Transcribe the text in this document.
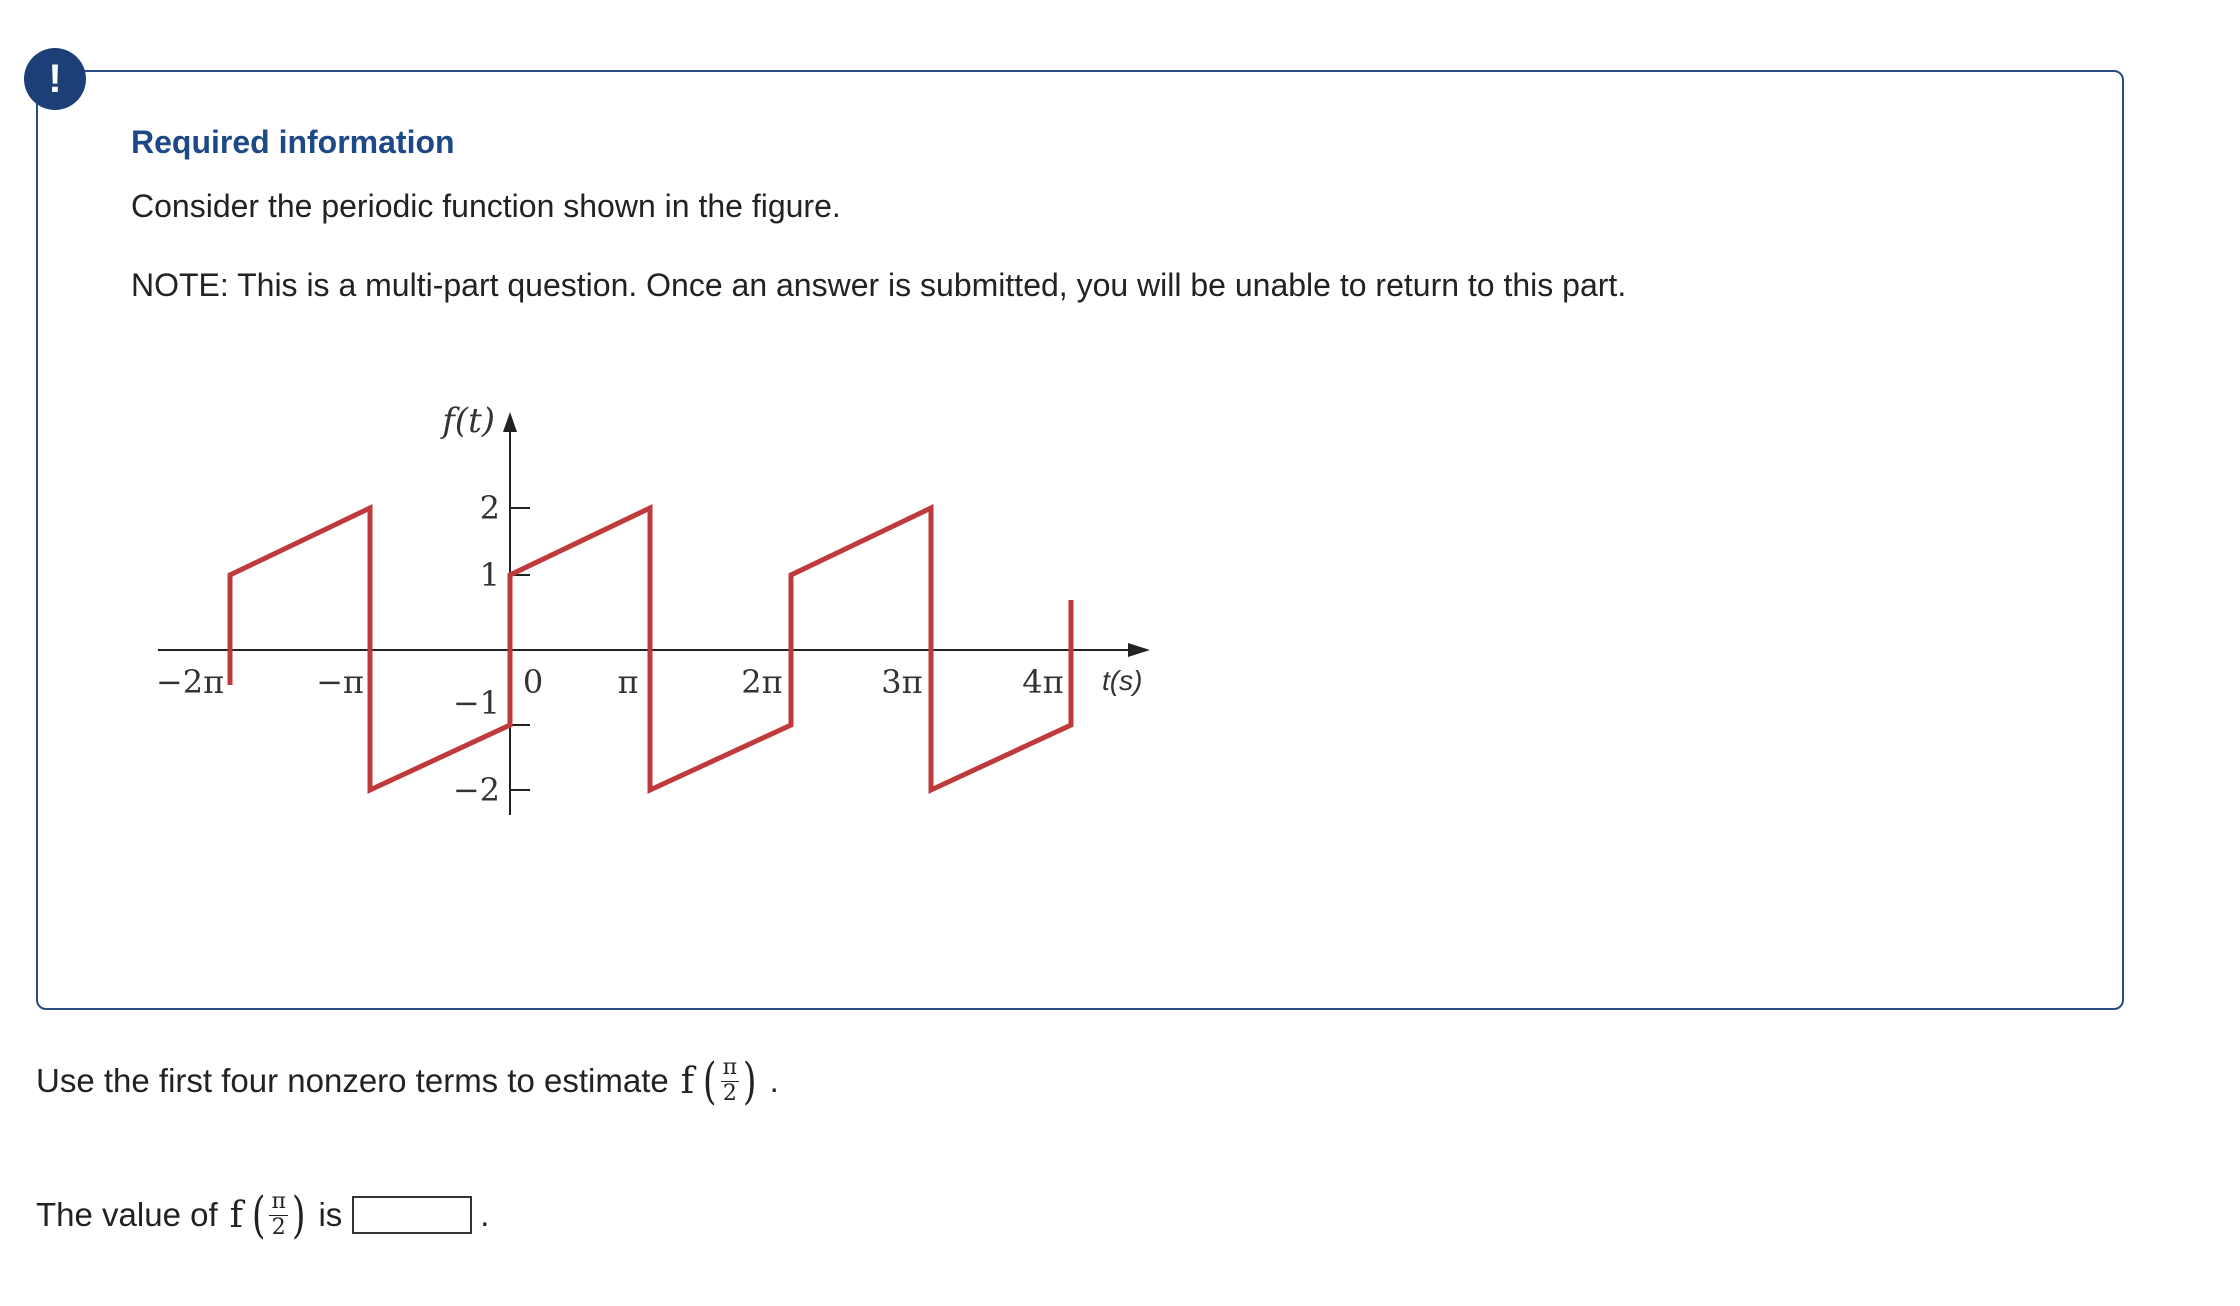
!
Required information

Consider the periodic function shown in the figure.

NOTE: This is a multi-part question. Once an answer is submitted, you will be unable to return to this part.

2
1
−1
−2
−2π	−π	0 π	2π	3π	4π
f(t)
t(s)
Use the first four nonzero terms to estimate f ( $\frac{\pi}{2}$ ) .
The value of f ( $\frac{\pi}{2}$ ) is	.
